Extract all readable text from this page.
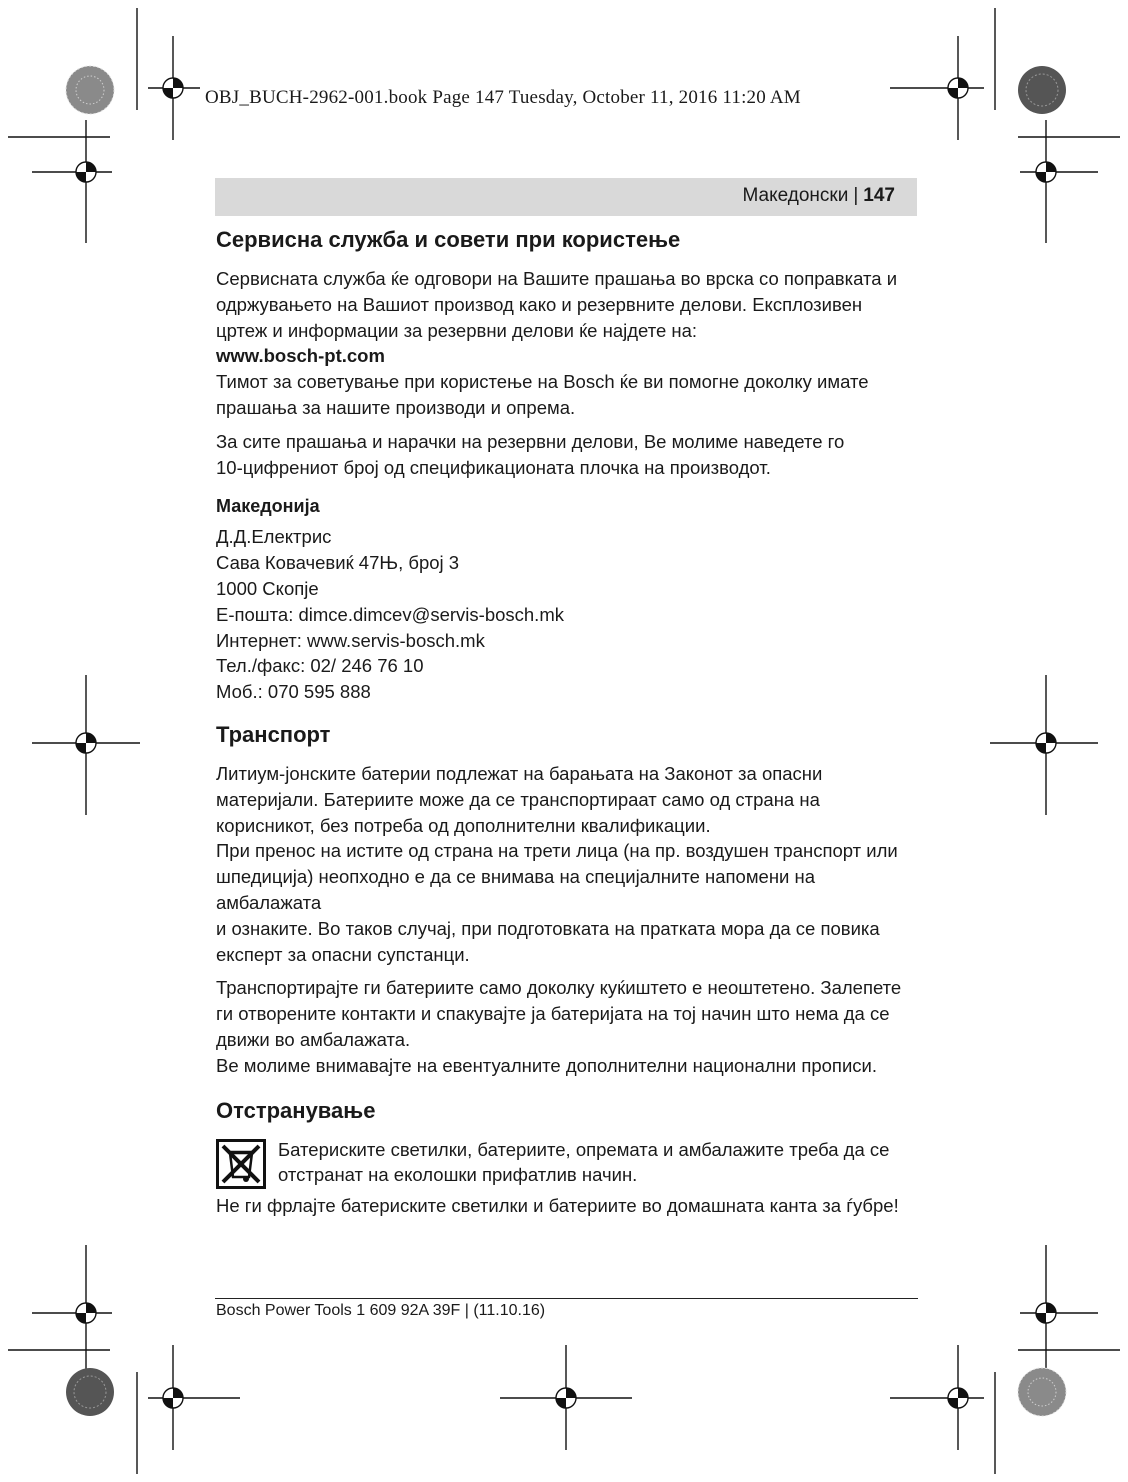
OBJ_BUCH-2962-001.book Page 147 Tuesday, October 11, 2016 11:20 AM
Македонски | 147
Сервисна служба и совети при користење

Сервисната служба ќе одговори на Вашите прашања во врска со поправката и
одржувањето на Вашиот производ како и резервните делови. Експлозивен
цртеж и информации за резервни делови ќе најдете на:
www.bosch-pt.com
Тимот за советување при користење на Bosch ќе ви помогне доколку имате
прашања за нашите производи и опрема.

За сите прашања и нарачки на резервни делови, Ве молиме наведете го
10-цифрениот број од спецификационата плочка на производот.

Македонија

Д.Д.Електрис
Сава Ковачевиќ 47Њ, број 3
1000 Скопје
E-пошта: dimce.dimcev@servis-bosch.mk
Интернет: www.servis-bosch.mk
Тел./факс: 02/ 246 76 10
Моб.: 070 595 888

Транспорт

Литиум-јонските батерии подлежат на барањата на Законот за опасни
материјали. Батериите може да се транспортираат само од страна на
корисникот, без потреба од дополнителни квалификации.
При пренос на истите од страна на трети лица (на пр. воздушен транспорт или
шпедиција) неопходно е да се внимава на специјалните напомени на амбалажата
и ознаките. Во таков случај, при подготовката на пратката мора да се повика
експерт за опасни супстанци.

Транспортирајте ги батериите само доколку куќиштето е неоштетено. Залепете
ги отворените контакти и спакувајте ја батеријата на тој начин што нема да се
движи во амбалажата.
Ве молиме внимавајте на евентуалните дополнителни национални прописи.

Отстранување

Батериските светилки, батериите, опремата и амбалажите треба да се
отстранат на еколошки прифатлив начин.

Не ги фрлајте батериските светилки и батериите во домашната канта за ѓубре!

Bosch Power Tools 1 609 92A 39F | (11.10.16)
